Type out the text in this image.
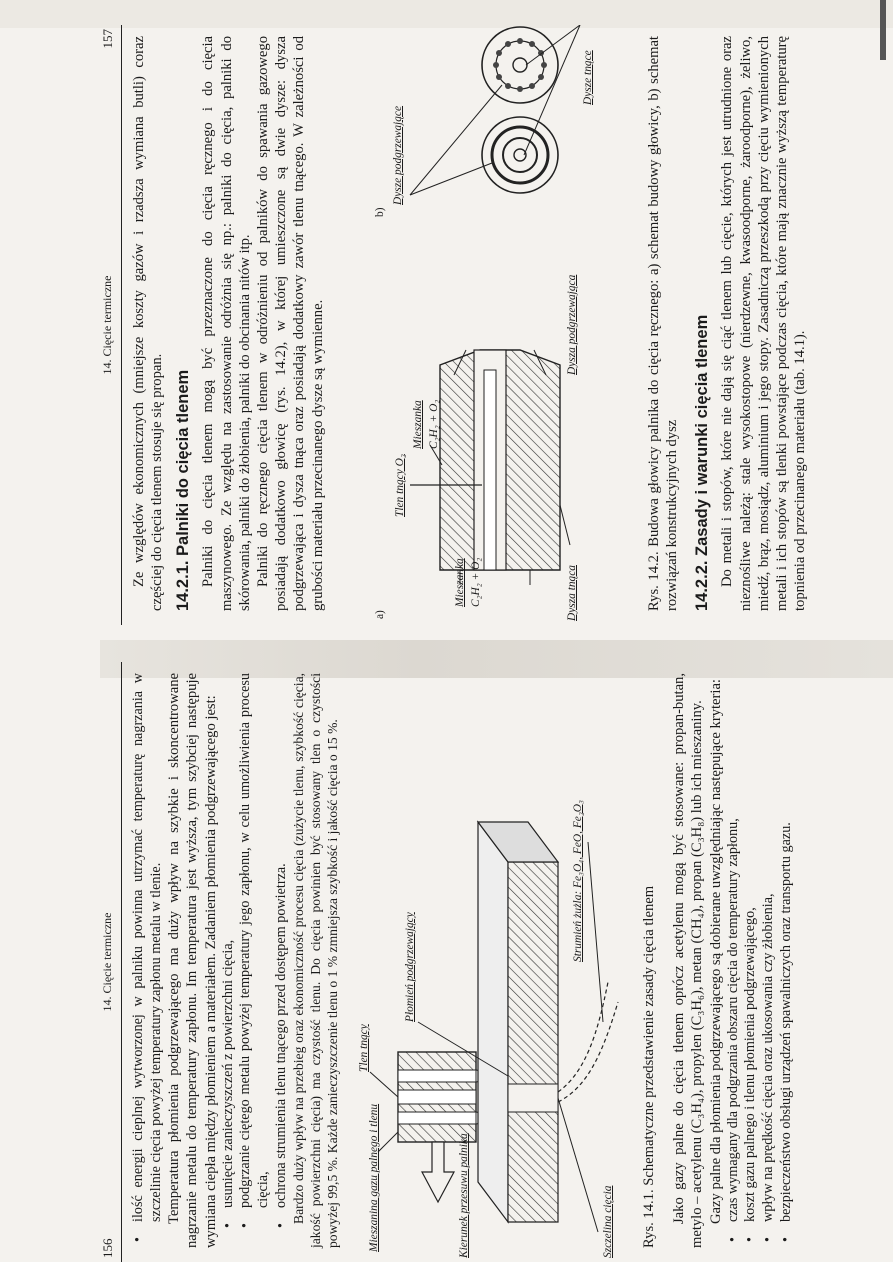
14. Cięcie termiczne
157 Ze względów ekonomicznych (mniejsze koszty gazów i rzadsza wymiana butli) coraz częściej do cięcia tlenem stosuje się propan. 14.2.1. Palniki do cięcia tlenem Palniki do cięcia tlenem mogą być przeznaczone do cięcia ręcznego i do cięcia maszynowego. Ze względu na zastosowanie odróżnia się np.: palniki do cięcia, palniki do skórowania, palniki do żłobienia, palniki do obcinania nitów itp. Palniki do ręcznego cięcia tlenem w odróżnieniu od palników do spawania gazowego posiadają dodatkowo głowicę (rys. 14.2), w której umieszczone są dwie dysze: dysza podgrzewająca i dysza tnąca oraz posiadają dodatkowy zawór tlenu tnącego. W zależności od grubości materiału przecinanego dysze są wymienne.

a)
b)
Dysza tnąca
Mieszanka C₂H₂ + O₂
Tlen tnący O₂
Mieszanka C₂H₂ + O₂
Dysza podgrzewająca
Dysze podgrzewające
Dysze tnące	Rys. 14.2. Budowa głowicy palnika do cięcia ręcznego: a) schemat budowy głowicy, b) schemat rozwiązań konstrukcyjnych dysz 14.2.2. Zasady i warunki cięcia tlenem Do metali i stopów, które nie dają się ciąć tlenem lub cięcie, których jest utrudnione oraz nieznośliwe należą: stale wysokostopowe (nierdzewne, kwasoodporne, żaroodporne), żeliwo, miedź, brąz, mosiądz, aluminium i jego stopy. Zasadniczą przeszkodą przy cięciu wymienionych metali i ich stopów są tlenki powstające podczas cięcia, które mają znacznie wyższą temperaturę topnienia od przecinanego materiału (tab. 14.1).

156
14. Cięcie termiczne • ilość energii cieplnej wytworzonej w palniku powinna utrzymać temperaturę nagrzania w szczelinie cięcia powyżej temperatury zapłonu metalu w tlenie. Temperatura płomienia podgrzewającego ma duży wpływ na szybkie i skoncentrowane nagrzanie metalu do temperatury zapłonu. Im temperatura jest wyższa, tym szybciej następuje wymiana ciepła między płomieniem a materiałem. Zadaniem płomienia podgrzewającego jest: • usunięcie zanieczyszczeń z powierzchni cięcia, • podgrzanie ciętego metalu powyżej temperatury jego zapłonu, w celu umożliwienia procesu cięcia, • ochrona strumienia tlenu tnącego przed dostępem powietrza. Bardzo duży wpływ na przebieg oraz ekonomiczność procesu cięcia (zużycie tlenu, szybkość cięcia, jakość powierzchni cięcia) ma czystość tlenu. Do cięcia powinien być stosowany tlen o czystości powyżej 99,5 %. Każde zanieczyszczenie tlenu o 1 % zmniejsza szybkość i jakość cięcia o 15 %. Mieszanina gazu palnego i tlenu
Tlen tnący
Płomień podgrzewający
Kierunek przesuwu palnika	Szczelina cięcia
Strumień żużla: Fe₃O₄, FeO, Fe₂O₃

Rys. 14.1. Schematyczne przedstawienie zasady cięcia tlenem Jako gazy palne do cięcia tlenem oprócz acetylenu mogą być stosowane: propan-butan, metylo – acetylenu (C₃H₄), propylen (C₃H₆), metan (CH₄), propan (C₃H₈) lub ich mieszaniny. Gazy palne dla płomienia podgrzewającego są dobierane uwzględniając następujące kryteria: • czas wymagany dla podgrzania obszaru cięcia do temperatury zapłonu, • koszt gazu palnego i tlenu płomienia podgrzewającego, • wpływ na prędkość cięcia oraz ukosowania czy żłobienia, • bezpieczeństwo obsługi urządzeń spawalniczych oraz transportu gazu.
